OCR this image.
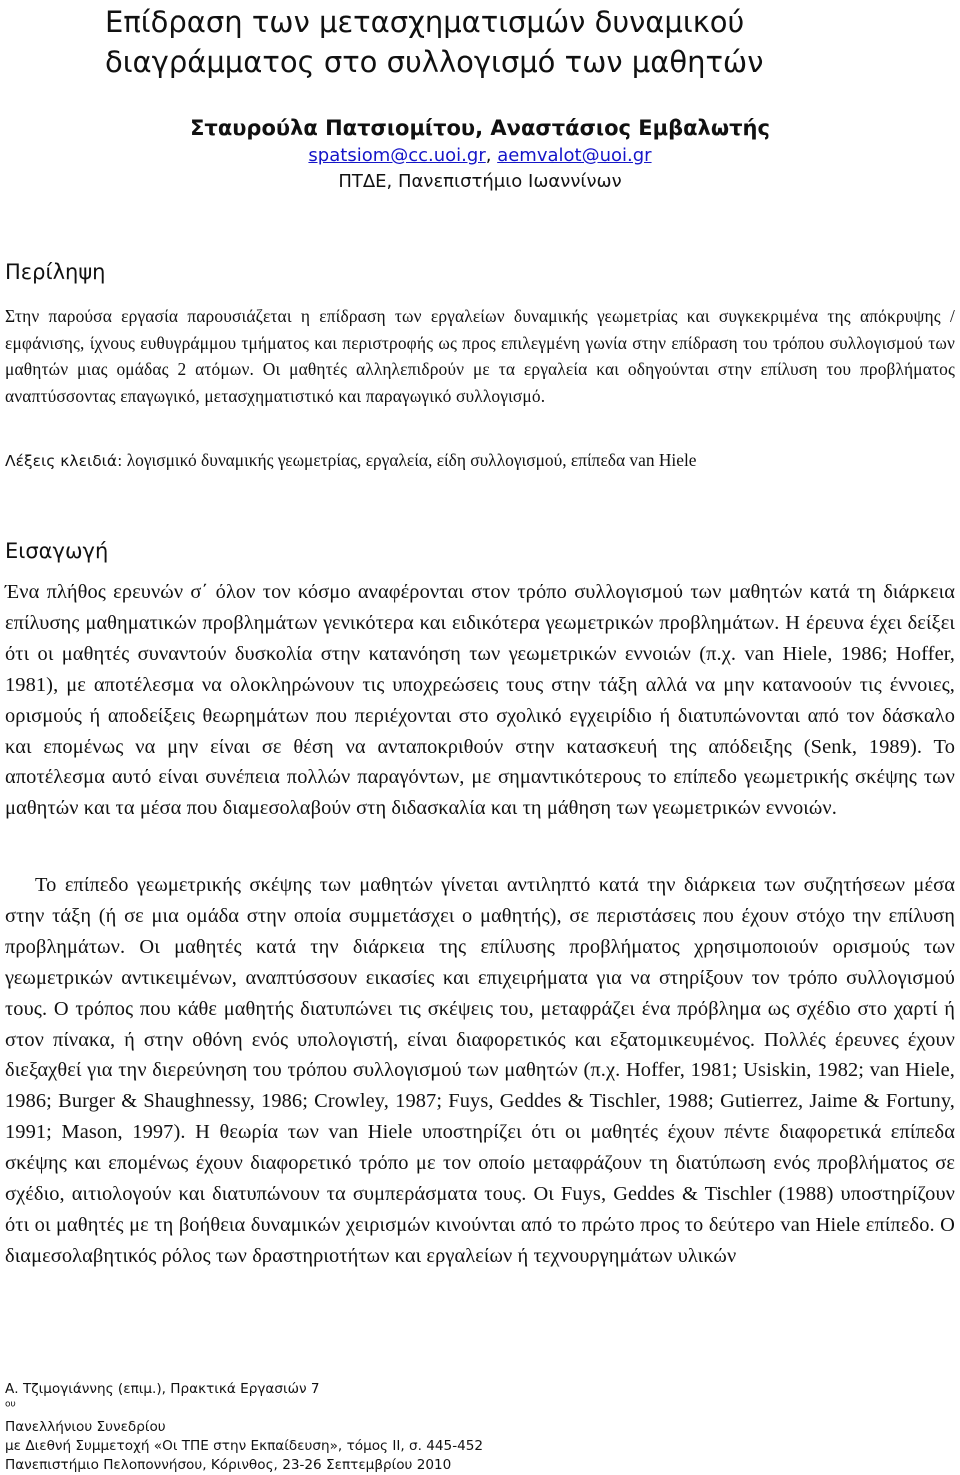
Επίδραση των μετασχηματισμών δυναμικού
διαγράμματος στο συλλογισμό των μαθητών

Σταυρούλα Πατσιομίτου, Αναστάσιος Εμβαλωτής

spatsiom@cc.uoi.gr, aemvalot@uoi.gr

ΠΤΔΕ, Πανεπιστήμιο Ιωαννίνων

Περίληψη

Στην παρούσα εργασία παρουσιάζεται η επίδραση των εργαλείων δυναμικής γεωμετρίας και συγκεκριμένα της απόκρυψης /εμφάνισης, ίχνους ευθυγράμμου τμήματος και περιστροφής ως προς επιλεγμένη γωνία στην επίδραση του τρόπου συλλογισμού των μαθητών μιας ομάδας 2 ατόμων. Οι μαθητές αλληλεπιδρούν με τα εργαλεία και οδηγούνται στην επίλυση του προβλήματος αναπτύσσοντας επαγωγικό, μετασχηματιστικό και παραγωγικό συλλογισμό.

Λέξεις κλειδιά: λογισμικό δυναμικής γεωμετρίας, εργαλεία, είδη συλλογισμού, επίπεδα van Hiele

Εισαγωγή

Ένα πλήθος ερευνών σ΄ όλον τον κόσμο αναφέρονται στον τρόπο συλλογισμού των μαθητών κατά τη διάρκεια επίλυσης μαθηματικών προβλημάτων γενικότερα και ειδικότερα γεωμετρικών προβλημάτων. Η έρευνα έχει δείξει ότι οι μαθητές συναντούν δυσκολία στην κατανόηση των γεωμετρικών εννοιών (π.χ. van Hiele, 1986; Hoffer, 1981), με αποτέλεσμα να ολοκληρώνουν τις υποχρεώσεις τους στην τάξη αλλά να μην κατανοούν τις έννοιες, ορισμούς ή αποδείξεις θεωρημάτων που περιέχονται στο σχολικό εγχειρίδιο ή διατυπώνονται από τον δάσκαλο και επομένως να μην είναι σε θέση να ανταποκριθούν στην κατασκευή της απόδειξης (Senk, 1989). Το αποτέλεσμα αυτό είναι συνέπεια πολλών παραγόντων, με σημαντικότερους το επίπεδο γεωμετρικής σκέψης των μαθητών και τα μέσα που διαμεσολαβούν στη διδασκαλία και τη μάθηση των γεωμετρικών εννοιών.

Το επίπεδο γεωμετρικής σκέψης των μαθητών γίνεται αντιληπτό κατά την διάρκεια των συζητήσεων μέσα στην τάξη (ή σε μια ομάδα στην οποία συμμετάσχει ο μαθητής), σε περιστάσεις που έχουν στόχο την επίλυση προβλημάτων. Οι μαθητές κατά την διάρκεια της επίλυσης προβλήματος χρησιμοποιούν ορισμούς των γεωμετρικών αντικειμένων, αναπτύσσουν εικασίες και επιχειρήματα για να στηρίξουν τον τρόπο συλλογισμού τους. Ο τρόπος που κάθε μαθητής διατυπώνει τις σκέψεις του, μεταφράζει ένα πρόβλημα ως σχέδιο στο χαρτί ή στον πίνακα, ή στην οθόνη ενός υπολογιστή, είναι διαφορετικός και εξατομικευμένος. Πολλές έρευνες έχουν διεξαχθεί για την διερεύνηση του τρόπου συλλογισμού των μαθητών (π.χ. Hoffer, 1981; Usiskin, 1982; van Hiele, 1986; Burger & Shaughnessy, 1986; Crowley, 1987; Fuys, Geddes & Tischler, 1988; Gutierrez, Jaime & Fortuny, 1991; Mason, 1997). Η θεωρία των van Hiele υποστηρίζει ότι οι μαθητές έχουν πέντε διαφορετικά επίπεδα σκέψης και επομένως έχουν διαφορετικό τρόπο με τον οποίο μεταφράζουν τη διατύπωση ενός προβλήματος σε σχέδιο, αιτιολογούν και διατυπώνουν τα συμπεράσματα τους. Οι Fuys, Geddes & Tischler (1988) υποστηρίζουν ότι οι μαθητές με τη βοήθεια δυναμικών χειρισμών κινούνται από το πρώτο προς το δεύτερο van Hiele επίπεδο. Ο διαμεσολαβητικός ρόλος των δραστηριοτήτων και εργαλείων ή τεχνουργημάτων υλικών

Α. Τζιμογιάννης (επιμ.), Πρακτικά Εργασιών 7
$^{o\upsilon}$
Πανελλήνιου Συνεδρίου
με Διεθνή Συμμετοχή «Οι ΤΠΕ στην Εκπαίδευση», τόμος II, σ. 445-452
Πανεπιστήμιο Πελοποννήσου, Κόρινθος, 23-26 Σεπτεμβρίου 2010
